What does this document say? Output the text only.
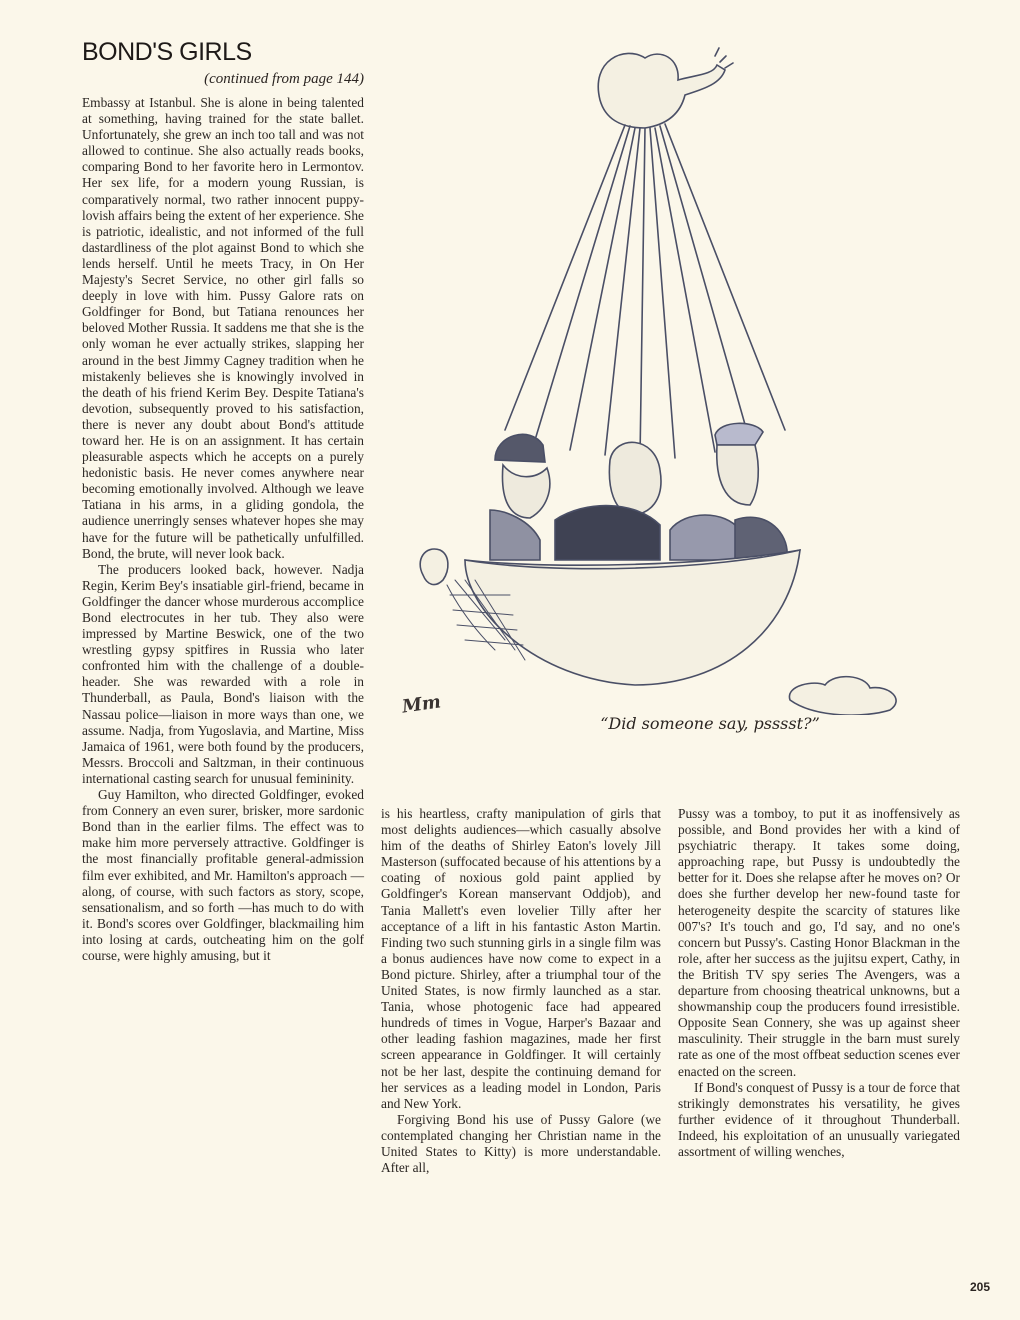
BOND'S GIRLS
(continued from page 144)

Embassy at Istanbul. She is alone in being talented at something, having trained for the state ballet. Unfortunately, she grew an inch too tall and was not allowed to continue. She also actually reads books, comparing Bond to her favorite hero in Lermontov. Her sex life, for a modern young Russian, is comparatively normal, two rather innocent puppy-lovish affairs being the extent of her experience. She is patriotic, idealistic, and not informed of the full dastardliness of the plot against Bond to which she lends herself. Until he meets Tracy, in On Her Majesty's Secret Service, no other girl falls so deeply in love with him. Pussy Galore rats on Goldfinger for Bond, but Tatiana renounces her beloved Mother Russia. It saddens me that she is the only woman he ever actually strikes, slapping her around in the best Jimmy Cagney tradition when he mistakenly believes she is knowingly involved in the death of his friend Kerim Bey. Despite Tatiana's devotion, subsequently proved to his satisfaction, there is never any doubt about Bond's attitude toward her. He is on an assignment. It has certain pleasurable aspects which he accepts on a purely hedonistic basis. He never comes anywhere near becoming emotionally involved. Although we leave Tatiana in his arms, in a gliding gondola, the audience unerringly senses whatever hopes she may have for the future will be pathetically unfulfilled. Bond, the brute, will never look back.

The producers looked back, however. Nadja Regin, Kerim Bey's insatiable girl-friend, became in Goldfinger the dancer whose murderous accomplice Bond electrocutes in her tub. They also were impressed by Martine Beswick, one of the two wrestling gypsy spitfires in Russia who later confronted him with the challenge of a double-header. She was rewarded with a role in Thunderball, as Paula, Bond's liaison with the Nassau police—liaison in more ways than one, we assume. Nadja, from Yugoslavia, and Martine, Miss Jamaica of 1961, were both found by the producers, Messrs. Broccoli and Saltzman, in their continuous international casting search for unusual femininity.

Guy Hamilton, who directed Goldfinger, evoked from Connery an even surer, brisker, more sardonic Bond than in the earlier films. The effect was to make him more perversely attractive. Goldfinger is the most financially profitable general-admission film ever exhibited, and Mr. Hamilton's approach —along, of course, with such factors as story, scope, sensationalism, and so forth —has much to do with it. Bond's scores over Goldfinger, blackmailing him into losing at cards, outcheating him on the golf course, were highly amusing, but it

Mm
“Did someone say, psssst?”

is his heartless, crafty manipulation of girls that most delights audiences—which casually absolve him of the deaths of Shirley Eaton's lovely Jill Masterson (suffocated because of his attentions by a coating of noxious gold paint applied by Goldfinger's Korean manservant Oddjob), and Tania Mallett's even lovelier Tilly after her acceptance of a lift in his fantastic Aston Martin. Finding two such stunning girls in a single film was a bonus audiences have now come to expect in a Bond picture. Shirley, after a triumphal tour of the United States, is now firmly launched as a star. Tania, whose photogenic face had appeared hundreds of times in Vogue, Harper's Bazaar and other leading fashion magazines, made her first screen appearance in Goldfinger. It will certainly not be her last, despite the continuing demand for her services as a leading model in London, Paris and New York.

Forgiving Bond his use of Pussy Galore (we contemplated changing her Christian name in the United States to Kitty) is more understandable. After all,

Pussy was a tomboy, to put it as inoffensively as possible, and Bond provides her with a kind of psychiatric therapy. It takes some doing, approaching rape, but Pussy is undoubtedly the better for it. Does she relapse after he moves on? Or does she further develop her new-found taste for heterogeneity despite the scarcity of statures like 007's? It's touch and go, I'd say, and no one's concern but Pussy's. Casting Honor Blackman in the role, after her success as the jujitsu expert, Cathy, in the British TV spy series The Avengers, was a departure from choosing theatrical unknowns, but a showmanship coup the producers found irresistible. Opposite Sean Connery, she was up against sheer masculinity. Their struggle in the barn must surely rate as one of the most offbeat seduction scenes ever enacted on the screen.

If Bond's conquest of Pussy is a tour de force that strikingly demonstrates his versatility, he gives further evidence of it throughout Thunderball. Indeed, his exploitation of an unusually variegated assortment of willing wenches,

205
